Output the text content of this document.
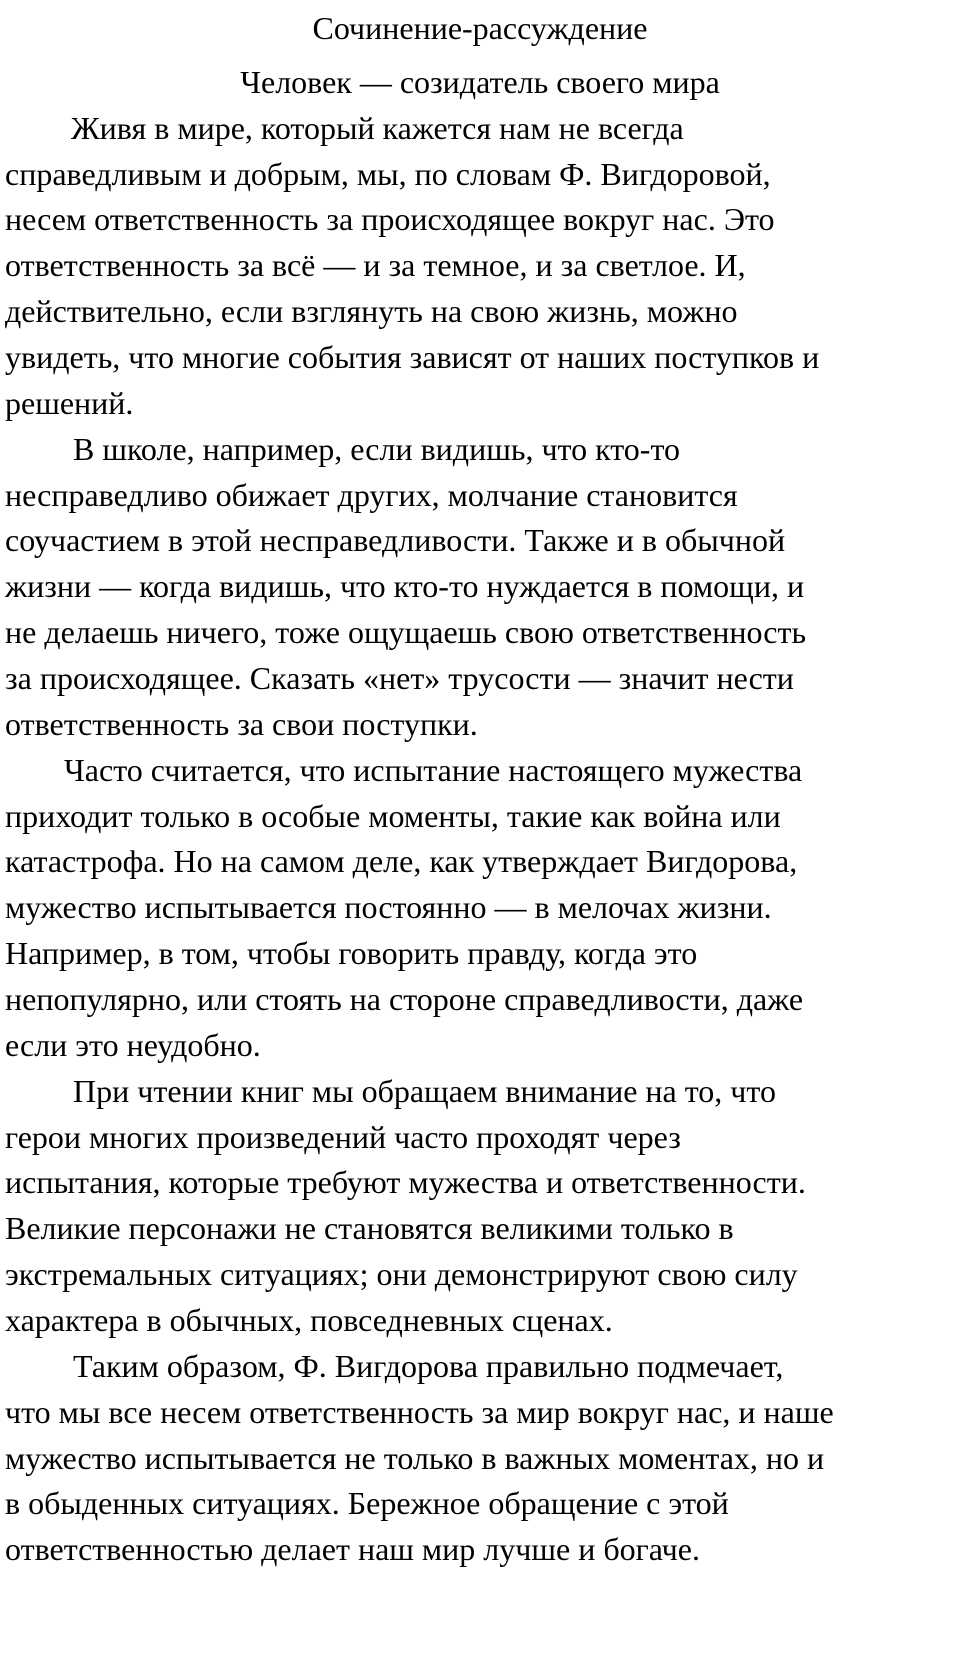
Сочинение-рассуждение
Человек — созидатель своего мира
Живя в мире, который кажется нам не всегда
справедливым и добрым, мы, по словам Ф. Вигдоровой,
несем ответственность за происходящее вокруг нас. Это
ответственность за всё — и за темное, и за светлое. И,
действительно, если взглянуть на свою жизнь, можно
увидеть, что многие события зависят от наших поступков и
решений.
В школе, например, если видишь, что кто-то
несправедливо обижает других, молчание становится
соучастием в этой несправедливости. Также и в обычной
жизни — когда видишь, что кто-то нуждается в помощи, и
не делаешь ничего, тоже ощущаешь свою ответственность
за происходящее. Сказать «нет» трусости — значит нести
ответственность за свои поступки.
Часто считается, что испытание настоящего мужества
приходит только в особые моменты, такие как война или
катастрофа. Но на самом деле, как утверждает Вигдорова,
мужество испытывается постоянно — в мелочах жизни.
Например, в том, чтобы говорить правду, когда это
непопулярно, или стоять на стороне справедливости, даже
если это неудобно.
При чтении книг мы обращаем внимание на то, что
герои многих произведений часто проходят через
испытания, которые требуют мужества и ответственности.
Великие персонажи не становятся великими только в
экстремальных ситуациях; они демонстрируют свою силу
характера в обычных, повседневных сценах.
Таким образом, Ф. Вигдорова правильно подмечает,
что мы все несем ответственность за мир вокруг нас, и наше
мужество испытывается не только в важных моментах, но и
в обыденных ситуациях. Бережное обращение с этой
ответственностью делает наш мир лучше и богаче.
